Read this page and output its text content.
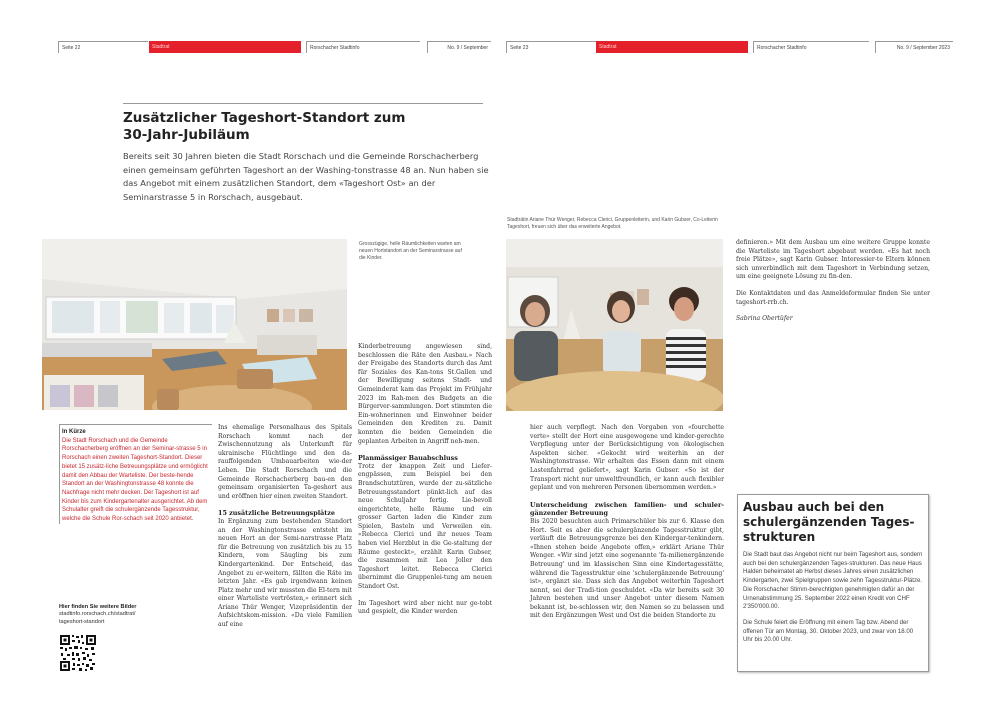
Seite 22	Stadtrat	Rorschacher Stadtinfo	No. 9 / September	Seite 23	Stadtrat	Rorschacher Stadtinfo	No. 9 / September 2023
Zusätzlicher Tageshort-Standort zum
30-Jahr-Jubiläum
Bereits seit 30 Jahren bieten die Stadt Rorschach und die Gemeinde Rorschacherberg einen gemeinsam geführten Tageshort an der Washing-tonstrasse 48 an. Nun haben sie das Angebot mit einem zusätzlichen Standort, dem «Tageshort Ost» an der Seminarstrasse 5 in Rorschach, ausgebaut.
Grosszügige, helle Räumlichkeiten warten am neuen Hortstandort an der Seminarstrasse auf die Kinder.
Stadträtin Ariane Thür Wenger, Rebecca Clerici, Gruppenleiterin, und Karin Gubser, Co-Leiterin Tageshort, freuen sich über das erweiterte Angebot.
In Kürze
Die Stadt Rorschach und die Gemeinde Rorschacherberg eröffnen an der Seminar-strasse 5 in Rorschach einen zweiten Tageshort-Standort. Dieser bietet 15 zusätz-liche Betreuungsplätze und ermöglicht damit den Abbau der Warteliste. Der beste-hende Standort an der Washingtonstrasse 48 konnte die Nachfrage nicht mehr decken. Der Tageshort ist auf Kinder bis zum Kindergartenalter ausgerichtet. Ab dem Schulalter greift die schulergänzende Tagesstruktur, welche die Schule Ror-schach seit 2020 anbietet.
Hier finden Sie weitere Bilder
stadtinfo.rorschach.ch/stadtrat/
tageshort-standort

Ins ehemalige Personalhaus des Spitals Rorschach kommt nach der Zwischennutzung als Unterkunft für ukrainische Flüchtlinge und den da-rauffolgenden Umbauarbeiten wie-der Leben. Die Stadt Rorschach und die Gemeinde Rorschacherberg bau-en den gemeinsam organisierten Ta-geshort aus und eröffnen hier einen zweiten Standort.

15 zusätzliche Betreuungsplätze

In Ergänzung zum bestehenden Standort an der Washingtonstrasse entsteht im neuen Hort an der Semi-narstrasse Platz für die Betreuung von zusätzlich bis zu 15 Kindern, vom Säugling bis zum Kindergartenkind. Der Entscheid, das Angebot zu er-weitern, fällten die Räte im letzten Jahr. «Es gab irgendwann keinen Platz mehr und wir mussten die El-tern mit einer Warteliste vertrösten,» erinnert sich Ariane Thür Wenger, Vizepräsidentin der Aufsichtskom-mission. «Da viele Familien auf eine

Kinderbetreuung angewiesen sind, beschlossen die Räte den Ausbau.» Nach der Freigabe des Standorts durch das Amt für Soziales des Kan-tons St.Gallen und der Bewilligung seitens Stadt- und Gemeinderat kam das Projekt im Frühjahr 2023 im Rah-men des Budgets an die Bürgerver-sammlungen. Dort stimmten die Ein-wohnerinnen und Einwohner beider Gemeinden den Krediten zu. Damit konnten die beiden Gemeinden die geplanten Arbeiten in Angriff neh-men.

Planmässiger Bauabschluss

Trotz der knappen Zeit und Liefer-engpässen, zum Beispiel bei den Brandschutztüren, wurde der zu-sätzliche Betreuungsstandort pünkt-lich auf das neue Schuljahr fertig. Lie-bevoll eingerichtete, helle Räume und ein grosser Garten laden die Kinder zum Spielen, Basteln und Verweilen ein. «Rebecca Clerici und ihr neues Team haben viel Herzblut in die Ge-staltung der Räume gesteckt», erzählt Karin Gubser, die zusammen mit Lea Joller den Tageshort leitet. Rebecca Clerici übernimmt die Gruppenlei-tung am neuen Standort Ost.

Im Tageshort wird aber nicht nur ge-tobt und gespielt, die Kinder werden

hier auch verpflegt. Nach den Vorgaben von «fourchette verte» stellt der Hort eine ausgewogene und kinder-gerechte Verpflegung unter der Berücksichtigung von ökologischen Aspekten sicher. «Gekocht wird weiterhin an der Washingtonstrasse. Wir erhalten das Essen dann mit einem Lastenfahrrad geliefert», sagt Karin Gubser. «So ist der Transport nicht nur umweltfreundlich, er kann auch flexibler geplant und von mehreren Personen übernommen werden.»

Unterscheidung zwischen familien- und schuler-gänzender Betreuung

Bis 2020 besuchten auch Primarschüler bis zur 6. Klasse den Hort. Seit es aber die schulergänzende Tagesstruktur gibt, verläuft die Betreuungsgrenze bei den Kindergar-tenkindern. «Ihnen stehen beide Angebote offen,» erklärt Ariane Thür Wenger. «Wir sind jetzt eine sogenannte 'fa-milienergänzende Betreuung' und im klassischen Sinn eine Kindertagesstätte, während die Tagesstruktur eine 'schulergänzende Betreuung' ist», ergänzt sie. Dass sich das Angebot weiterhin Tageshort nennt, sei der Tradi-tion geschuldet. «Da wir bereits seit 30 Jahren bestehen und unser Angebot unter diesem Namen bekannt ist, be-schlossen wir, den Namen so zu belassen und mit den Ergänzungen West und Ost die beiden Standorte zu

definieren.» Mit dem Ausbau um eine weitere Gruppe konnte die Warteliste im Tageshort abgebaut werden. «Es hat noch freie Plätze», sagt Karin Gubser. Interessier-te Eltern können sich unverbindlich mit dem Tageshort in Verbindung setzen, um eine geeignete Lösung zu fin-den.

Die Kontaktdaten und das Anmeldeformular finden Sie unter tageshort-rrb.ch.

Sabrina Obertüfer

Ausbau auch bei den schulergänzenden Tages-strukturen

Die Stadt baut das Angebot nicht nur beim Tageshort aus, sondern auch bei den schulergänzenden Tages-strukturen. Das neue Haus Halden beheimatet ab Herbst dieses Jahres einen zusätzlichen Kindergarten, zwei Spielgruppen sowie zehn Tagesstruktur-Plätze. Die Rorschacher Stimm-berechtigten genehmigten dafür an der Urnenabstimmung 25. September 2022 einen Kredit von CHF 2'350'000.00.

Die Schule feiert die Eröffnung mit einem Tag bzw. Abend der offenen Tür am Montag, 30. Oktober 2023, und zwar von 18.00 Uhr bis 20.00 Uhr.
